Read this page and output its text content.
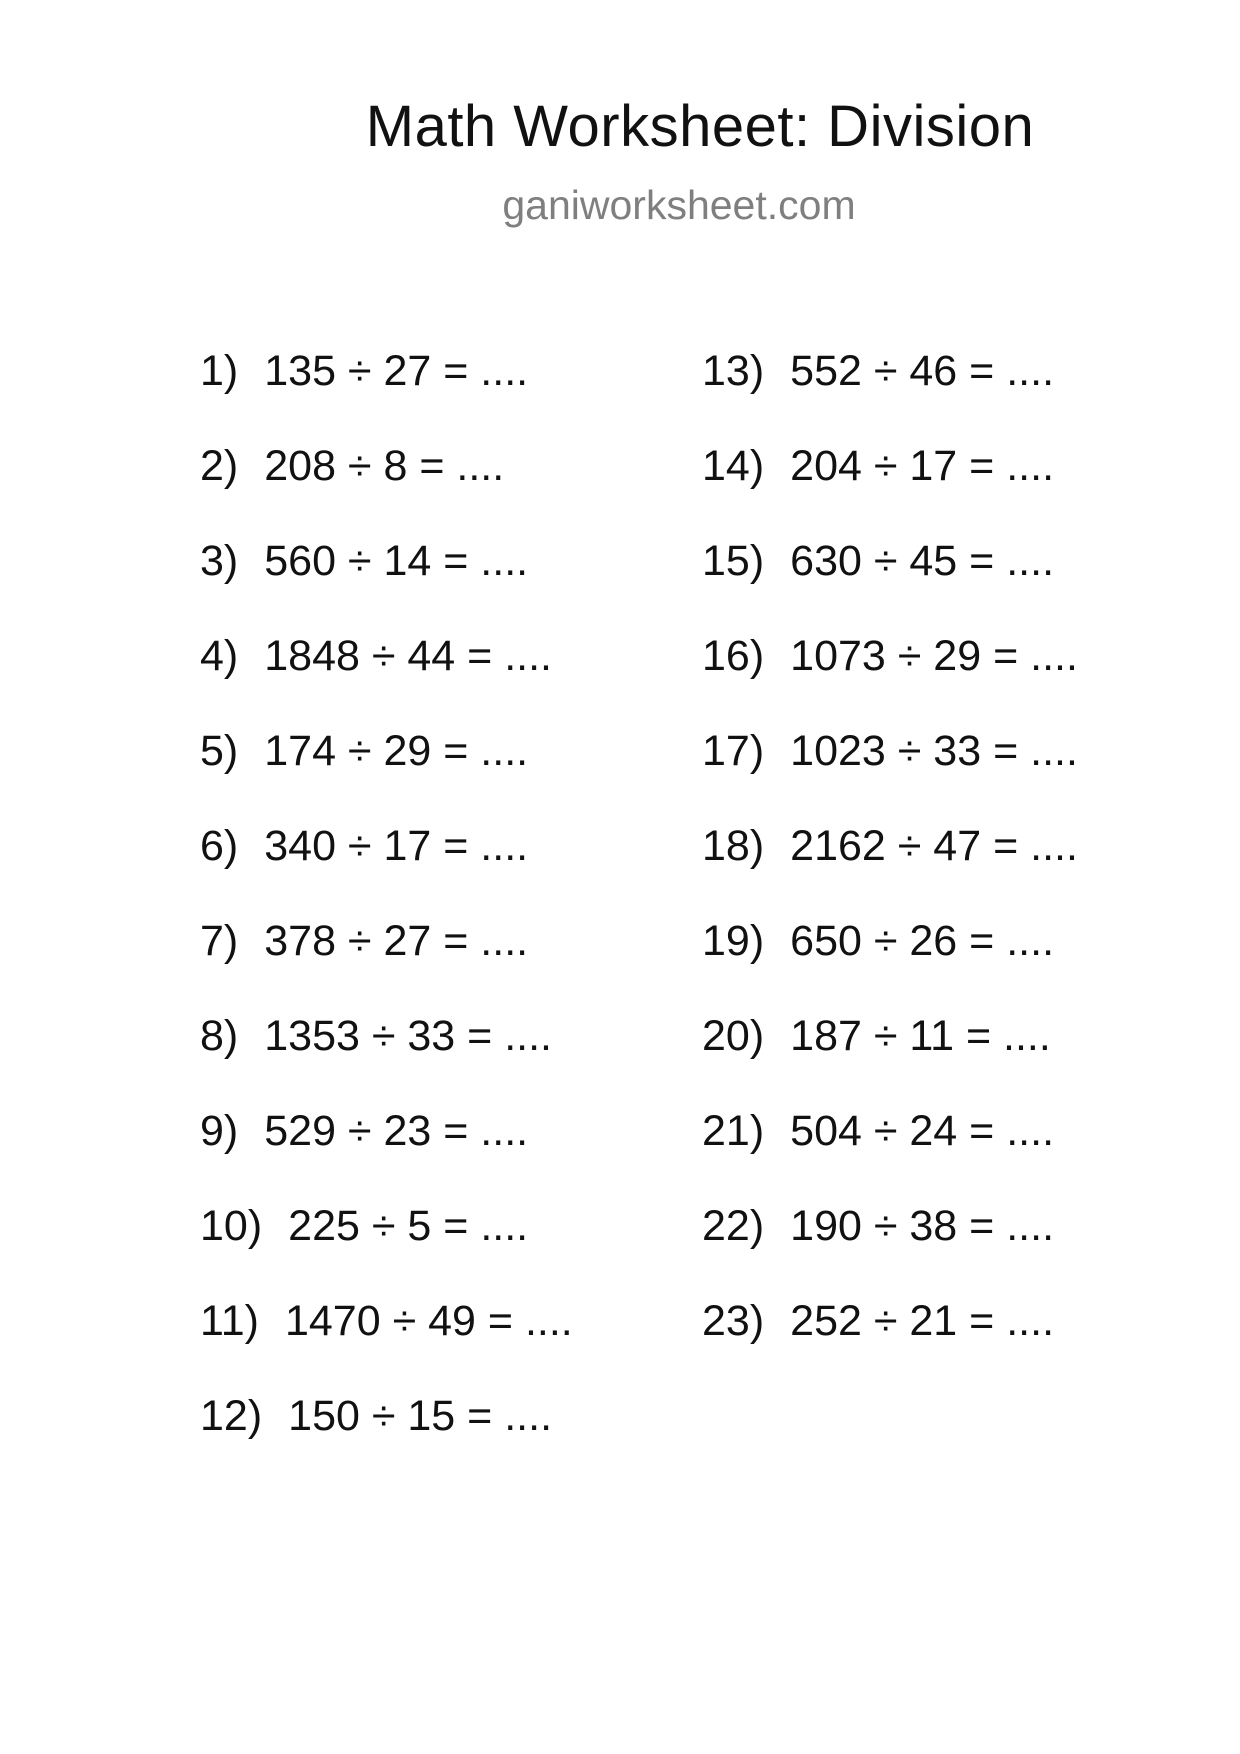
Math Worksheet: Division
ganiworksheet.com
1) 135 ÷ 27 = ....
2) 208 ÷ 8 = ....
3) 560 ÷ 14 = ....
4) 1848 ÷ 44 = ....
5) 174 ÷ 29 = ....
6) 340 ÷ 17 = ....
7) 378 ÷ 27 = ....
8) 1353 ÷ 33 = ....
9) 529 ÷ 23 = ....
10) 225 ÷ 5 = ....
11) 1470 ÷ 49 = ....
12) 150 ÷ 15 = ....
13) 552 ÷ 46 = ....
14) 204 ÷ 17 = ....
15) 630 ÷ 45 = ....
16) 1073 ÷ 29 = ....
17) 1023 ÷ 33 = ....
18) 2162 ÷ 47 = ....
19) 650 ÷ 26 = ....
20) 187 ÷ 11 = ....
21) 504 ÷ 24 = ....
22) 190 ÷ 38 = ....
23) 252 ÷ 21 = ....
